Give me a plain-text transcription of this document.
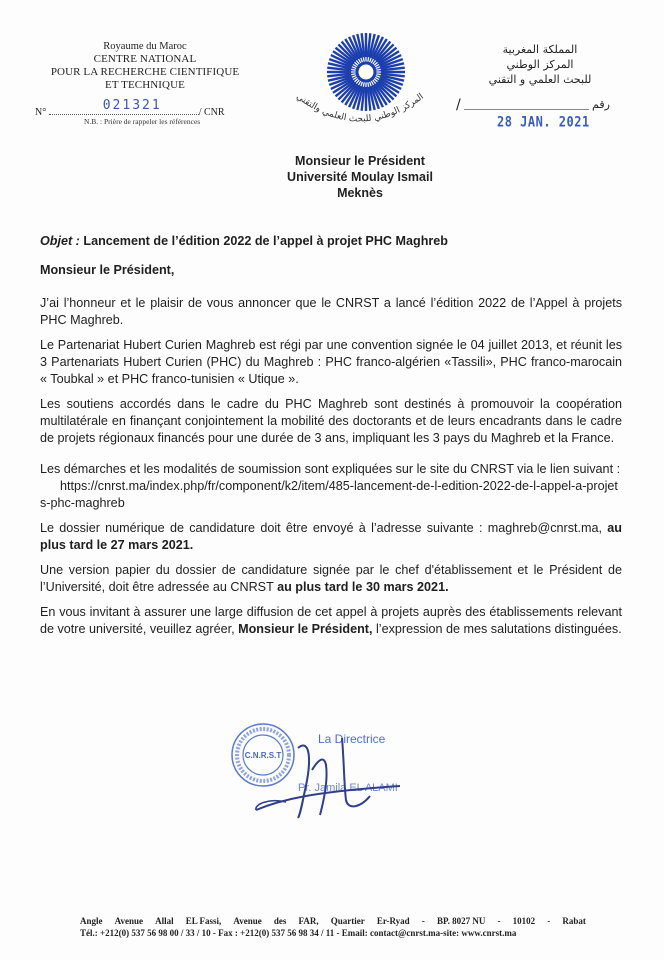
Royaume du Maroc
CENTRE NATIONAL
POUR LA RECHERCHE CIENTIFIQUE
ET TECHNIQUE
N°	021321	/ CNR
N.B. : Prière de rappeler les références
المركز الوطني للبحث العلمي والتقني
المملكة المغربية
المركز الوطني
للبحث العلمي و التقني
/	رقم
28 JAN. 2021
Monsieur le Président
Université Moulay Ismail
Meknès

Objet : Lancement de l’édition 2022 de l’appel à projet PHC Maghreb

Monsieur le Président,

J’ai l’honneur et le plaisir de vous annoncer que le CNRST a lancé l’édition 2022 de l’Appel à projets PHC Maghreb.

Le Partenariat Hubert Curien Maghreb est régi par une convention signée le 04 juillet 2013, et réunit les 3 Partenariats Hubert Curien (PHC) du Maghreb : PHC franco-algérien «Tassili», PHC franco-marocain « Toubkal » et PHC franco-tunisien « Utique ».

Les soutiens accordés dans le cadre du PHC Maghreb sont destinés à promouvoir la coopération multilatérale en finançant conjointement la mobilité des doctorants et de leurs encadrants dans le cadre de projets régionaux financés pour une durée de 3 ans, impliquant les 3 pays du Maghreb et la France.

Les démarches et les modalités de soumission sont expliquées sur le site du CNRST via le lien suivant : https://cnrst.ma/index.php/fr/component/k2/item/485-lancement-de-l-edition-2022-de-l-appel-a-projets-phc-maghreb

Le dossier numérique de candidature doit être envoyé à l’adresse suivante : maghreb@cnrst.ma, au plus tard le 27 mars 2021.

Une version papier du dossier de candidature signée par le chef d'établissement et le Président de l’Université, doit être adressée au CNRST au plus tard le 30 mars 2021.

En vous invitant à assurer une large diffusion de cet appel à projets auprès des établissements relevant de votre université, veuillez agréer, Monsieur le Président, l’expression de mes salutations distinguées.

C.N.R.S.T
La Directrice
Pr. Jamila EL ALAMI
Angle Avenue Allal EL Fassi, Avenue des FAR, Quartier Er-Ryad - BP. 8027 NU - 10102 - Rabat
Tél.: +212(0) 537 56 98 00 / 33 / 10 - Fax : +212(0) 537 56 98 34 / 11 - Email: contact@cnrst.ma-site: www.cnrst.ma
